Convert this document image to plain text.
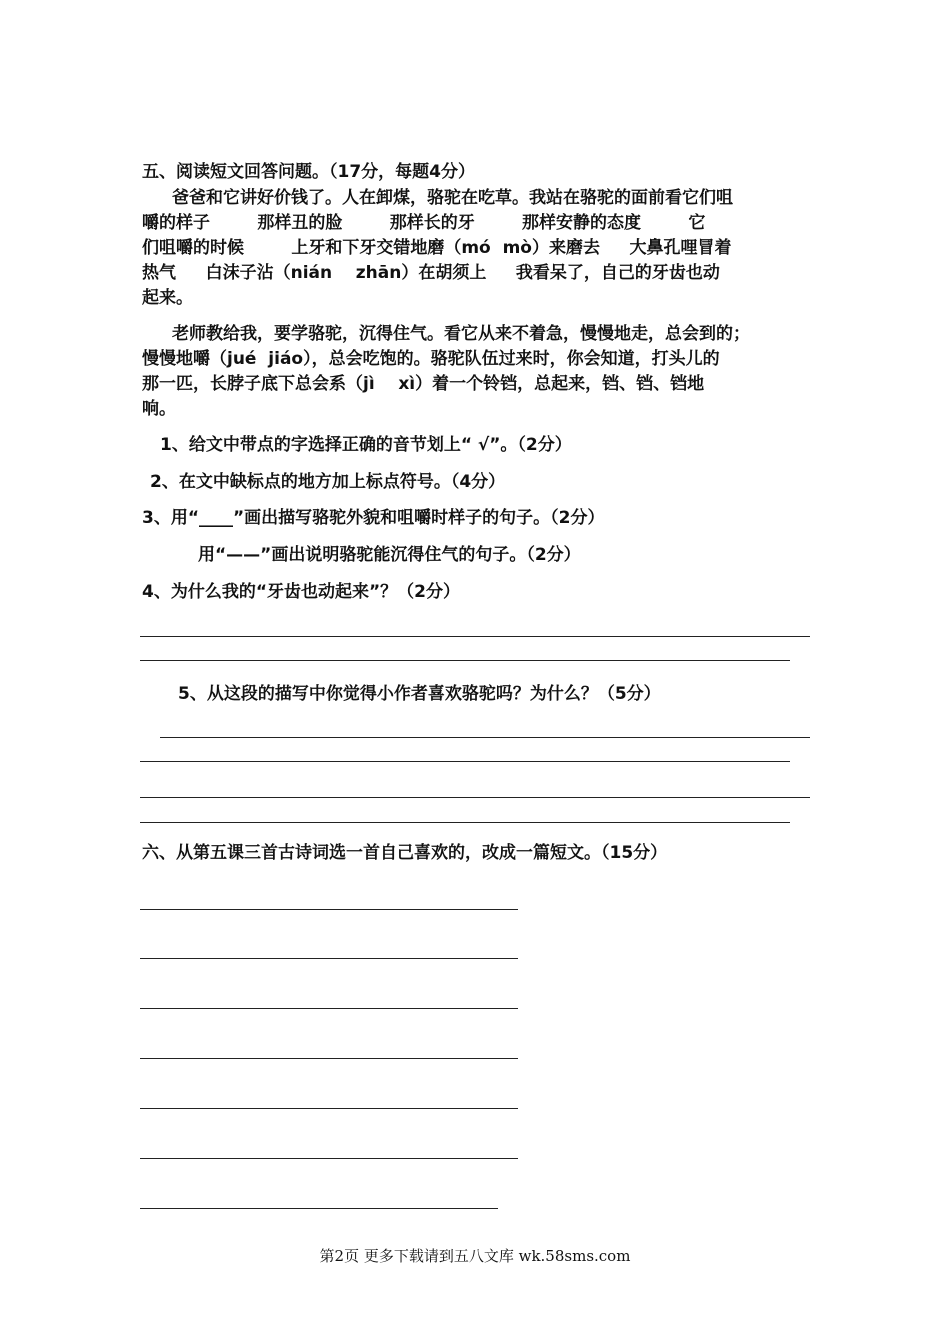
五、阅读短文回答问题。（17分，每题4分）
爸爸和它讲好价钱了。人在卸煤，骆驼在吃草。我站在骆驼的面前看它们咀
嚼的样子        那样丑的脸        那样长的牙        那样安静的态度        它
们咀嚼的时候        上牙和下牙交错地磨（mó  mò）来磨去     大鼻孔哩冒着
热气     白沫子沾（nián    zhān）在胡须上     我看呆了，自己的牙齿也动
起来。
老师教给我，要学骆驼，沉得住气。看它从来不着急，慢慢地走，总会到的；
慢慢地嚼（jué  jiáo），总会吃饱的。骆驼队伍过来时，你会知道，打头儿的
那一匹，长脖子底下总会系（jì    xì）着一个铃铛，总起来，铛、铛、铛地
响。
1、给文中带点的字选择正确的音节划上“ √”。（2分）
2、在文中缺标点的地方加上标点符号。（4分）
3、用“____”画出描写骆驼外貌和咀嚼时样子的句子。（2分）
用“——”画出说明骆驼能沉得住气的句子。（2分）
4、为什么我的“牙齿也动起来”？（2分）
5、从这段的描写中你觉得小作者喜欢骆驼吗？为什么？（5分）
六、从第五课三首古诗词选一首自己喜欢的，改成一篇短文。（15分）
第2页 更多下载请到五八文库 wk.58sms.com
